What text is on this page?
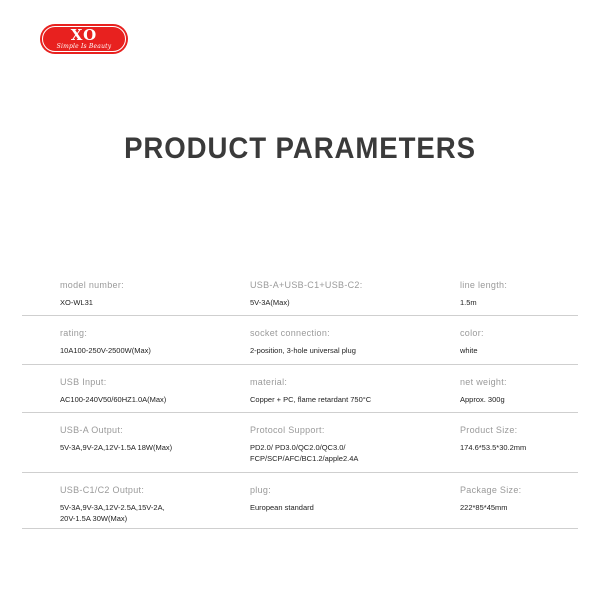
XO
Simple Is Beauty
PRODUCT PARAMETERS
model number:
XO-WL31
USB-A+USB-C1+USB-C2:
5V-3A(Max)
line length:
1.5m
rating:
10A100-250V-2500W(Max)
socket connection:
2-position, 3-hole universal plug
color:
white
USB Input:
AC100-240V50/60HZ1.0A(Max)
material:
Copper + PC, flame retardant 750°C
net weight:
Approx. 300g
USB-A Output:
5V-3A,9V-2A,12V-1.5A 18W(Max)
Protocol Support:
PD2.0/ PD3.0/QC2.0/QC3.0/
FCP/SCP/AFC/BC1.2/apple2.4A
Product Size:
174.6*53.5*30.2mm
USB-C1/C2 Output:
5V-3A,9V-3A,12V-2.5A,15V-2A,
20V-1.5A 30W(Max)
plug:
European standard
Package Size:
222*85*45mm
